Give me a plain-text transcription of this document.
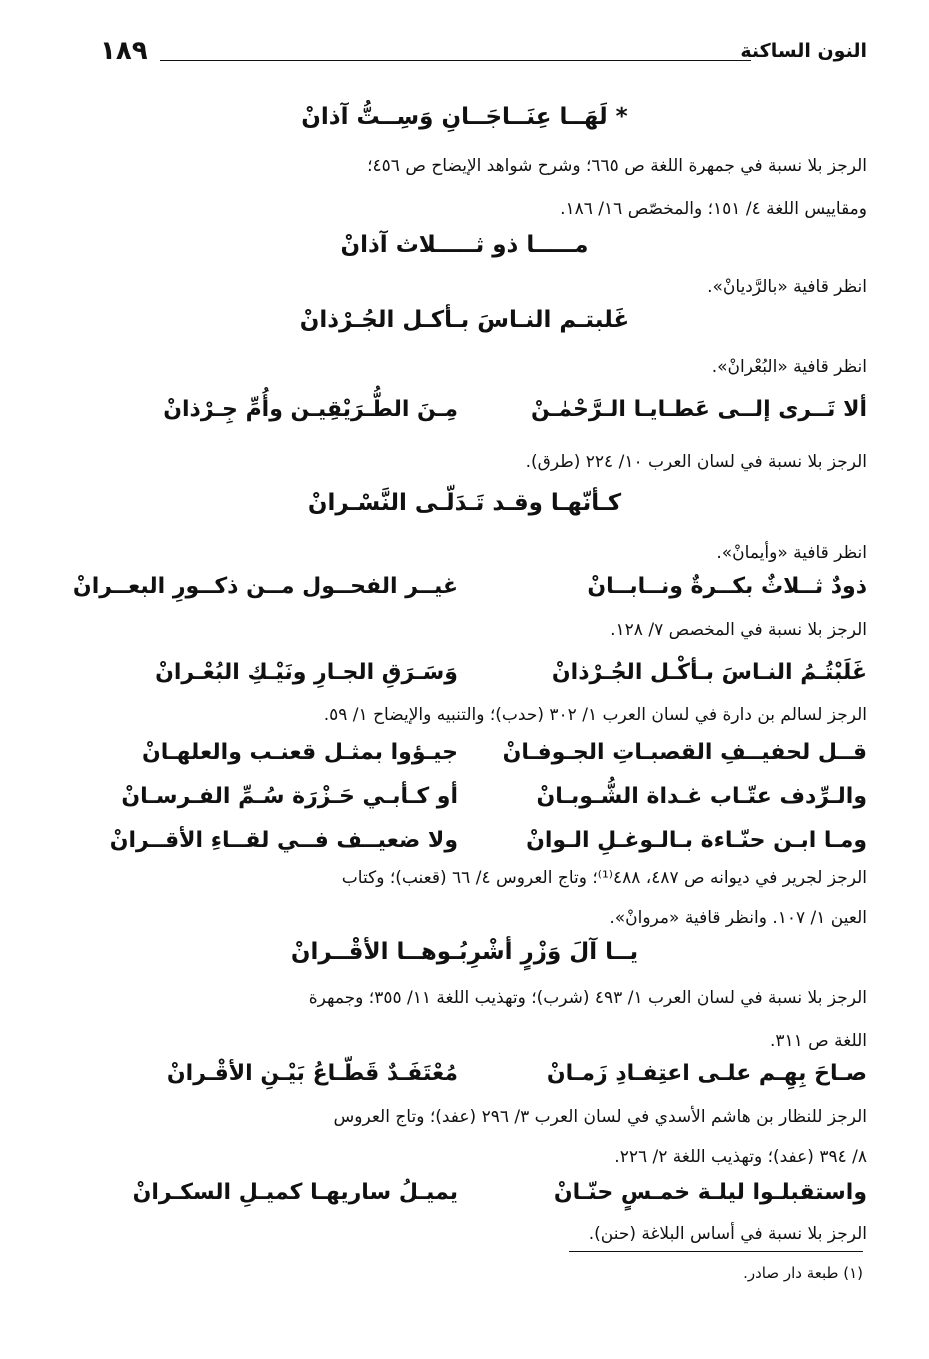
النون الساكنة
١٨٩
* لَهَــا عِنَــاجَــانِ وَسِــتُّ آذانْ
الرجز بلا نسبة في جمهرة اللغة ص ٦٦٥؛ وشرح شواهد الإيضاح ص ٤٥٦؛
ومقاييس اللغة ٤/ ١٥١؛ والمخصّص ١٦/ ١٨٦.
مـــــا ذو ثـــــلاث آذانْ
انظر قافية «بالرَّديانْ».
غَلبتـم النـاسَ بـأكـل الجُـرْذانْ
انظر قافية «البُعْرانْ».
ألا تَــرى إلــى عَطـايـا الـرَّحْمٰـنْ
مِـنَ الطُّـرَيْقِيـن وأُمِّ جِـرْذانْ
الرجز بلا نسبة في لسان العرب ١٠/ ٢٢٤ (طرق).
كـأنّهـا وقـد تَـدَلّـى النَّسْـرانْ
انظر قافية «وأيمانْ».
ذودٌ ثــلاثٌ بكــرةٌ ونــابــانْ
غيــر الفحــول مــن ذكــورِ البعــرانْ
الرجز بلا نسبة في المخصص ٧/ ١٢٨.
غَلَبْتُـمُ النـاسَ بـأكْـل الجُـرْذانْ
وَسَـرَقِ الجـارِ ونَيْـكِ البُعْـرانْ
الرجز لسالم بن دارة في لسان العرب ١/ ٣٠٢ (حدب)؛ والتنبيه والإيضاح ١/ ٥٩.
قــل لحفيــفِ القصبـاتِ الجـوفـانْ
جيـؤوا بمثـل قعنـب والعلهـانْ
والـرِّدف عتّـاب غـداة الشُّـوبـانْ
أو كـأبـي حَـزْرَة سُـمِّ الفـرسـانْ
ومـا ابـن حنّـاءة بـالـوغـلِ الـوانْ
ولا ضعيــف فــي لقــاءِ الأقــرانْ
الرجز لجرير في ديوانه ص ٤٨٧، ٤٨٨⁽¹⁾؛ وتاج العروس ٤/ ٦٦ (قعنب)؛ وكتاب
العين ١/ ١٠٧. وانظر قافية «مروانْ».
يــا آلَ وَزْرٍ أشْرِبُـوهــا الأقْــرانْ
الرجز بلا نسبة في لسان العرب ١/ ٤٩٣ (شرب)؛ وتهذيب اللغة ١١/ ٣٥٥؛ وجمهرة
اللغة ص ٣١١.
صـاحَ بِهِـم علـى اعتِفـادِ زَمـانْ
مُعْتَفَـدٌ قَطّـاعُ بَيْـنِ الأقْـرانْ
الرجز للنظار بن هاشم الأسدي في لسان العرب ٣/ ٢٩٦ (عفد)؛ وتاج العروس
٨/ ٣٩٤ (عفد)؛ وتهذيب اللغة ٢/ ٢٢٦.
واستقبلـوا ليلـة خمـسٍ حنّـانْ
يميـلُ ساريهـا كميـلِ السكـرانْ
الرجز بلا نسبة في أساس البلاغة (حنن).
(١) طبعة دار صادر.
